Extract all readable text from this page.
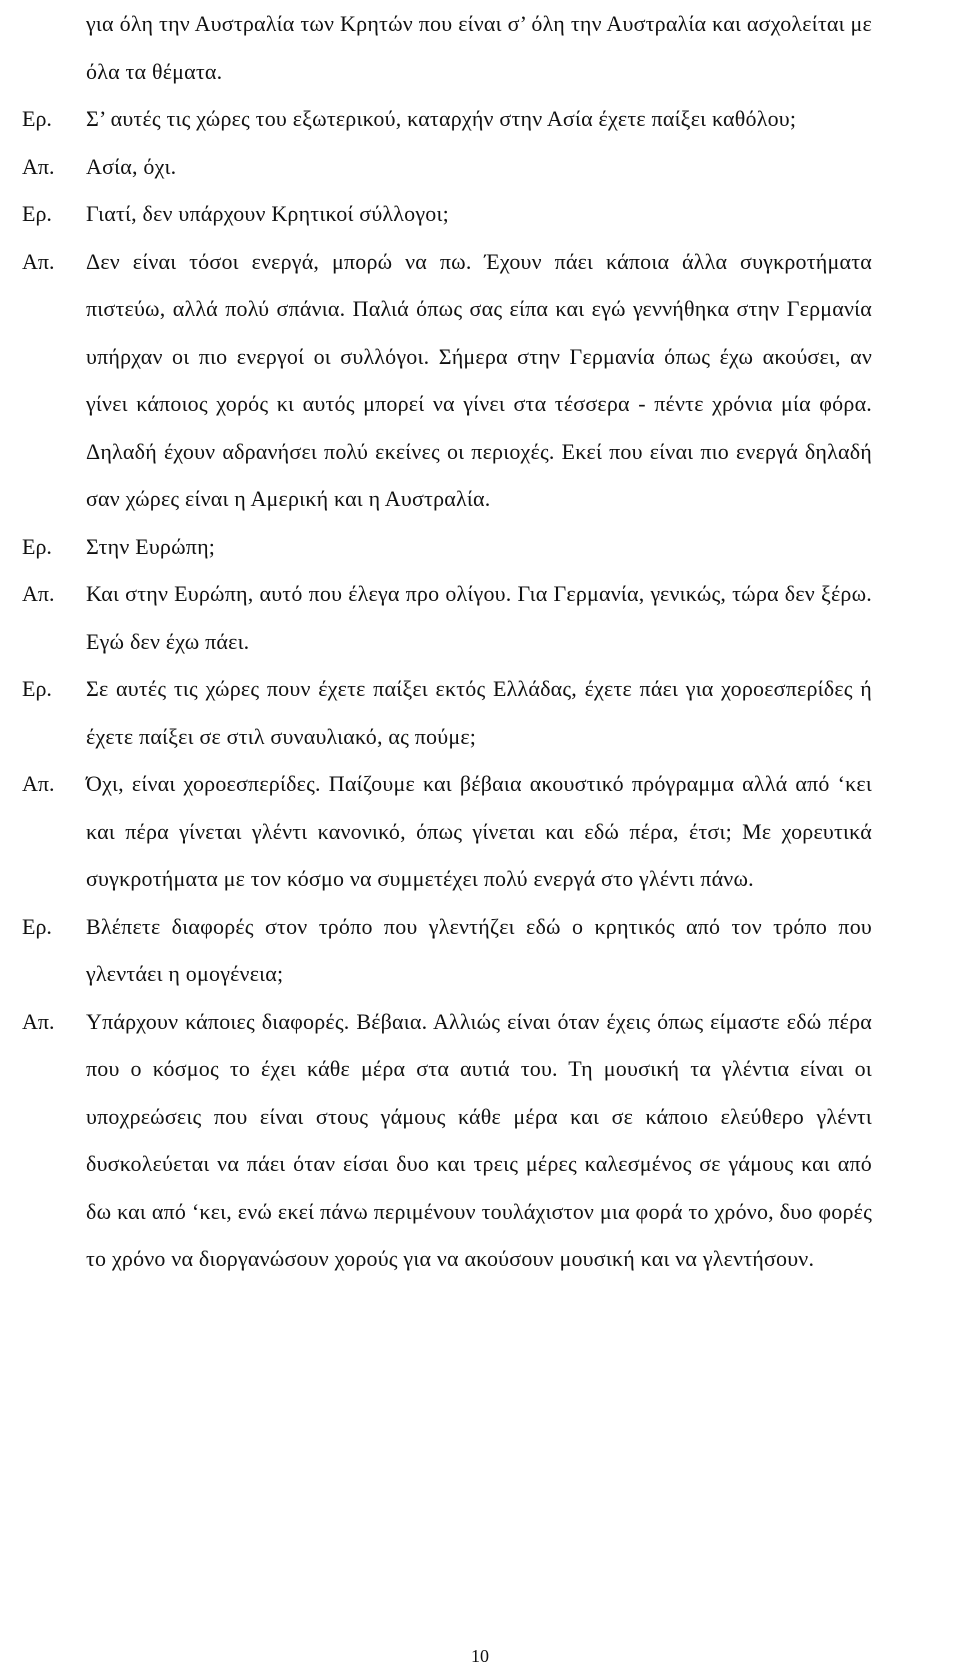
για όλη την Αυστραλία των Κρητών που είναι σ’ όλη την Αυστραλία και ασχολείται με όλα τα θέματα.
Ερ.	Σ’ αυτές τις χώρες του εξωτερικού, καταρχήν στην Ασία έχετε παίξει καθόλου;
Απ.	Ασία, όχι.
Ερ.	Γιατί, δεν υπάρχουν Κρητικοί σύλλογοι;
Απ.	Δεν είναι τόσοι ενεργά, μπορώ να πω. Έχουν πάει κάποια άλλα συγκροτήματα πιστεύω, αλλά πολύ σπάνια. Παλιά όπως σας είπα και εγώ γεννήθηκα στην Γερμανία υπήρχαν οι πιο ενεργοί οι συλλόγοι. Σήμερα στην Γερμανία όπως έχω ακούσει, αν γίνει κάποιος χορός κι αυτός μπορεί να γίνει στα τέσσερα - πέντε χρόνια μία φόρα. Δηλαδή έχουν αδρανήσει πολύ εκείνες οι περιοχές. Εκεί που είναι πιο ενεργά δηλαδή σαν χώρες είναι η Αμερική και η Αυστραλία.
Ερ.	Στην Ευρώπη;
Απ.	Και στην Ευρώπη, αυτό που έλεγα προ ολίγου. Για Γερμανία, γενικώς, τώρα δεν ξέρω. Εγώ δεν έχω πάει.
Ερ.	Σε αυτές τις χώρες πουν έχετε παίξει εκτός Ελλάδας, έχετε πάει για χοροεσπερίδες ή έχετε παίξει σε στιλ συναυλιακό, ας πούμε;
Απ.	Όχι, είναι χοροεσπερίδες. Παίζουμε και βέβαια ακουστικό πρόγραμμα αλλά από ‘κει και πέρα γίνεται γλέντι κανονικό, όπως γίνεται και εδώ πέρα, έτσι; Με χορευτικά συγκροτήματα με τον κόσμο να συμμετέχει πολύ ενεργά στο γλέντι πάνω.
Ερ.	Βλέπετε διαφορές στον τρόπο που γλεντήζει εδώ ο κρητικός από τον τρόπο που γλεντάει η ομογένεια;
Απ.	Υπάρχουν κάποιες διαφορές. Βέβαια. Αλλιώς είναι όταν έχεις όπως είμαστε εδώ πέρα που ο κόσμος το έχει κάθε μέρα στα αυτιά του. Τη μουσική τα γλέντια είναι οι υποχρεώσεις που είναι στους γάμους κάθε μέρα και σε κάποιο ελεύθερο γλέντι δυσκολεύεται να πάει όταν είσαι δυο και τρεις μέρες καλεσμένος σε γάμους και από δω και από ‘κει, ενώ εκεί πάνω περιμένουν τουλάχιστον μια φορά το χρόνο, δυο φορές το χρόνο να διοργανώσουν χορούς για να ακούσουν μουσική και να γλεντήσουν.
10
